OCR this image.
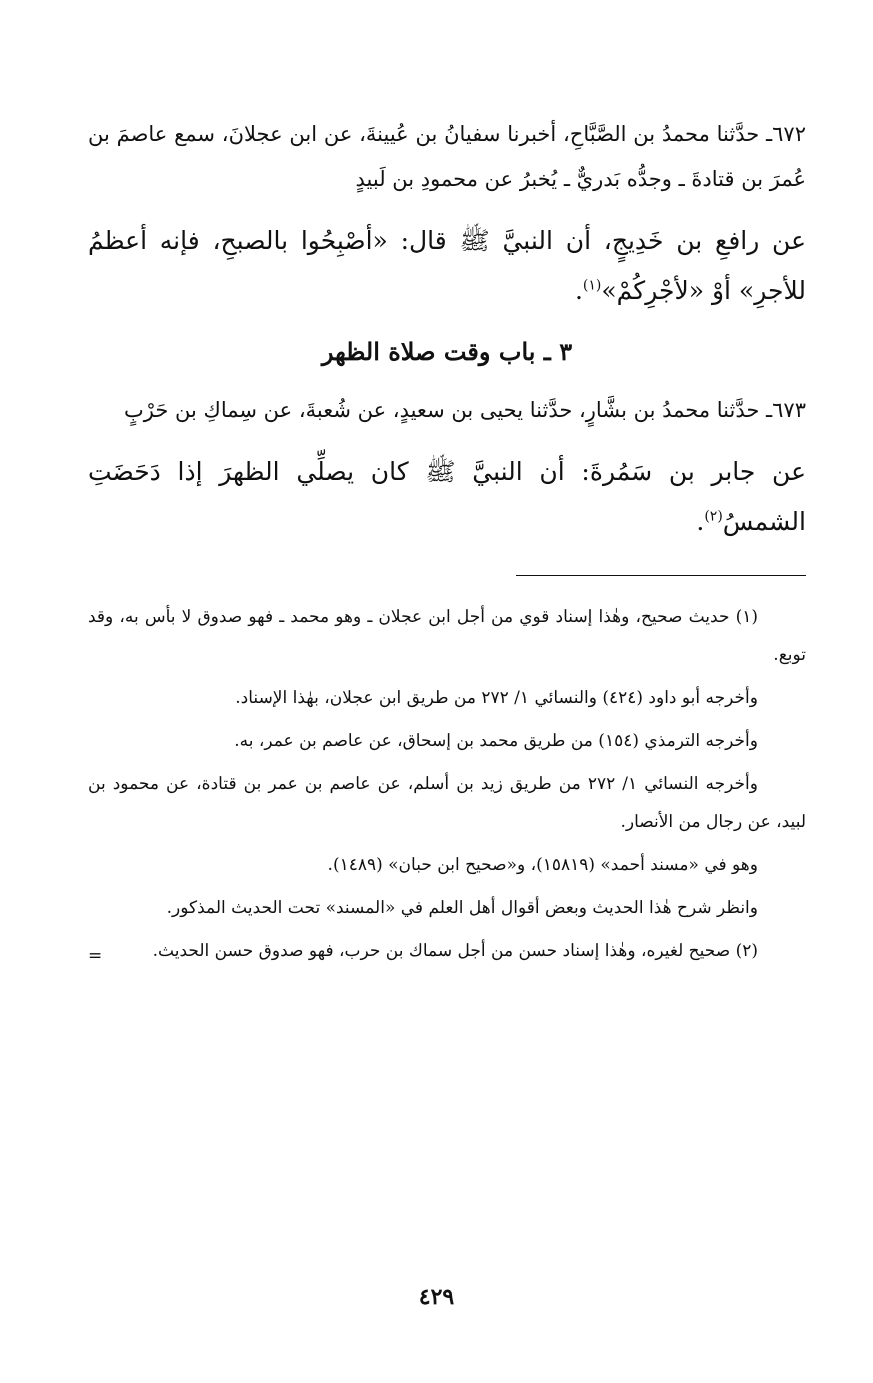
٦٧٢ـ حدَّثنا محمدُ بن الصَّبَّاحِ، أخبرنا سفيانُ بن عُيينةَ، عن ابن عجلانَ، سمع عاصمَ بن عُمرَ بن قتادةَ ـ وجدُّه بَدريٌّ ـ يُخبرُ عن محمودِ بن لَبيدٍ

عن رافعِ بن خَدِيجٍ، أن النبيَّ ﷺ قال: «أصْبِحُوا بالصبحِ، فإنه أعظمُ للأجرِ» أوْ «لأجْرِكُمْ»$^{(١)}$.

٣ ـ باب وقت صلاة الظهر

٦٧٣ـ حدَّثنا محمدُ بن بشَّارٍ، حدَّثنا يحيى بن سعيدٍ، عن شُعبةَ، عن سِماكِ بن حَرْبٍ

عن جابر بن سَمُرةَ: أن النبيَّ ﷺ كان يصلِّي الظهرَ إذا دَحَضَتِ الشمسُ$^{(٢)}$.

(١) حديث صحيح، وهٰذا إسناد قوي من أجل ابن عجلان ـ وهو محمد ـ فهو صدوق لا بأس به، وقد توبع.

وأخرجه أبو داود (٤٢٤) والنسائي ١/ ٢٧٢ من طريق ابن عجلان، بهٰذا الإسناد.

وأخرجه الترمذي (١٥٤) من طريق محمد بن إسحاق، عن عاصم بن عمر، به.

وأخرجه النسائي ١/ ٢٧٢ من طريق زيد بن أسلم، عن عاصم بن عمر بن قتادة، عن محمود بن لبيد، عن رجال من الأنصار.

وهو في «مسند أحمد» (١٥٨١٩)، و«صحيح ابن حبان» (١٤٨٩).

وانظر شرح هٰذا الحديث وبعض أقوال أهل العلم في «المسند» تحت الحديث المذكور.

(٢) صحيح لغيره، وهٰذا إسناد حسن من أجل سماك بن حرب، فهو صدوق حسن الحديث.

=
٤٢٩
